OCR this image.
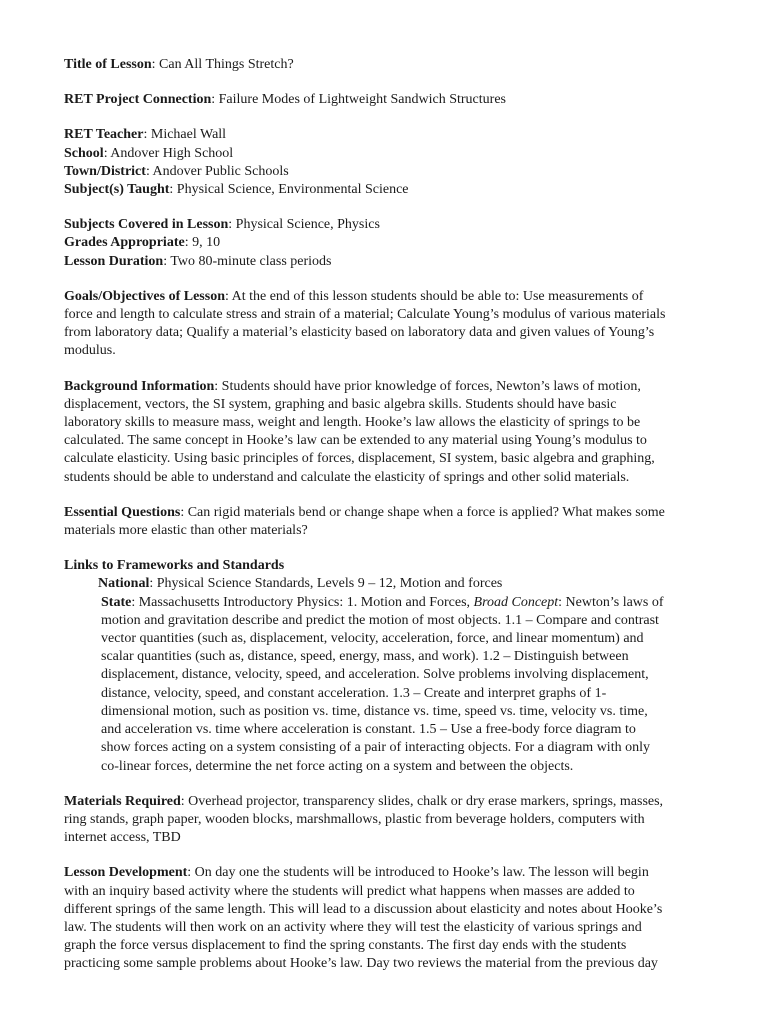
Title of Lesson: Can All Things Stretch?
RET Project Connection: Failure Modes of Lightweight Sandwich Structures
RET Teacher: Michael Wall
School: Andover High School
Town/District: Andover Public Schools
Subject(s) Taught: Physical Science, Environmental Science
Subjects Covered in Lesson: Physical Science, Physics
Grades Appropriate: 9, 10
Lesson Duration: Two 80-minute class periods
Goals/Objectives of Lesson: At the end of this lesson students should be able to: Use measurements of
force and length to calculate stress and strain of a material; Calculate Young’s modulus of various materials
from laboratory data; Qualify a material’s elasticity based on laboratory data and given values of Young’s
modulus.
Background Information: Students should have prior knowledge of forces, Newton’s laws of motion,
displacement, vectors, the SI system, graphing and basic algebra skills. Students should have basic
laboratory skills to measure mass, weight and length. Hooke’s law allows the elasticity of springs to be
calculated. The same concept in Hooke’s law can be extended to any material using Young’s modulus to
calculate elasticity. Using basic principles of forces, displacement, SI system, basic algebra and graphing,
students should be able to understand and calculate the elasticity of springs and other solid materials.
Essential Questions: Can rigid materials bend or change shape when a force is applied? What makes some
materials more elastic than other materials?
Links to Frameworks and Standards
National: Physical Science Standards, Levels 9 – 12, Motion and forces
State: Massachusetts Introductory Physics: 1. Motion and Forces, Broad Concept: Newton’s laws of
motion and gravitation describe and predict the motion of most objects. 1.1 – Compare and contrast
vector quantities (such as, displacement, velocity, acceleration, force, and linear momentum) and
scalar quantities (such as, distance, speed, energy, mass, and work). 1.2 – Distinguish between
displacement, distance, velocity, speed, and acceleration. Solve problems involving displacement,
distance, velocity, speed, and constant acceleration. 1.3 – Create and interpret graphs of 1-
dimensional motion, such as position vs. time, distance vs. time, speed vs. time, velocity vs. time,
and acceleration vs. time where acceleration is constant. 1.5 – Use a free-body force diagram to
show forces acting on a system consisting of a pair of interacting objects. For a diagram with only
co-linear forces, determine the net force acting on a system and between the objects.
Materials Required: Overhead projector, transparency slides, chalk or dry erase markers, springs, masses,
ring stands, graph paper, wooden blocks, marshmallows, plastic from beverage holders, computers with
internet access, TBD
Lesson Development: On day one the students will be introduced to Hooke’s law. The lesson will begin
with an inquiry based activity where the students will predict what happens when masses are added to
different springs of the same length. This will lead to a discussion about elasticity and notes about Hooke’s
law. The students will then work on an activity where they will test the elasticity of various springs and
graph the force versus displacement to find the spring constants. The first day ends with the students
practicing some sample problems about Hooke’s law. Day two reviews the material from the previous day
